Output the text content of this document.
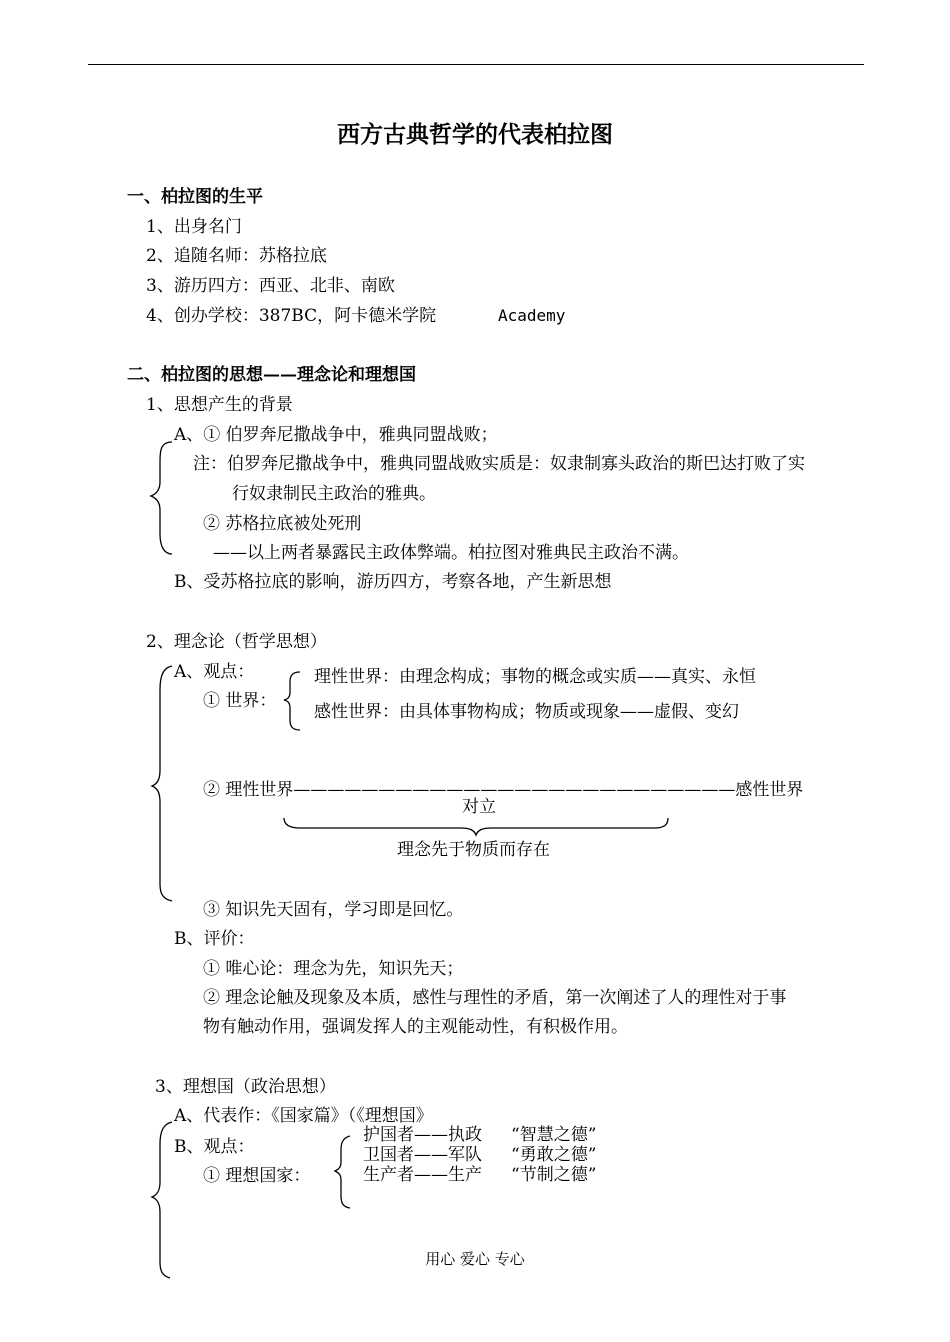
西方古典哲学的代表柏拉图
一、柏拉图的生平
1、出身名门
2、追随名师：苏格拉底
3、游历四方：西亚、北非、南欧
4、创办学校：387BC，阿卡德米学院	Academy
二、柏拉图的思想——理念论和理想国
1、思想产生的背景
A、① 伯罗奔尼撒战争中，雅典同盟战败；
注：伯罗奔尼撒战争中，雅典同盟战败实质是：奴隶制寡头政治的斯巴达打败了实
行奴隶制民主政治的雅典。
② 苏格拉底被处死刑
——以上两者暴露民主政体弊端。柏拉图对雅典民主政治不满。
B、受苏格拉底的影响，游历四方，考察各地，产生新思想
2、理念论（哲学思想）
A、观点：
① 世界：
理性世界：由理念构成；事物的概念或实质——真实、永恒
感性世界：由具体事物构成；物质或现象——虚假、变幻
② 理性世界——————————————————————————感性世界
对立
理念先于物质而存在
③ 知识先天固有，学习即是回忆。
B、评价：
① 唯心论：理念为先，知识先天；
② 理念论触及现象及本质，感性与理性的矛盾，第一次阐述了人的理性对于事
物有触动作用，强调发挥人的主观能动性，有积极作用。
3、理想国（政治思想）
A、代表作：《国家篇》（《理想国》
B、观点：
① 理想国家：
护国者——执政 “智慧之德”
卫国者——军队 “勇敢之德”
生产者——生产 “节制之德”
用心 爱心 专心
